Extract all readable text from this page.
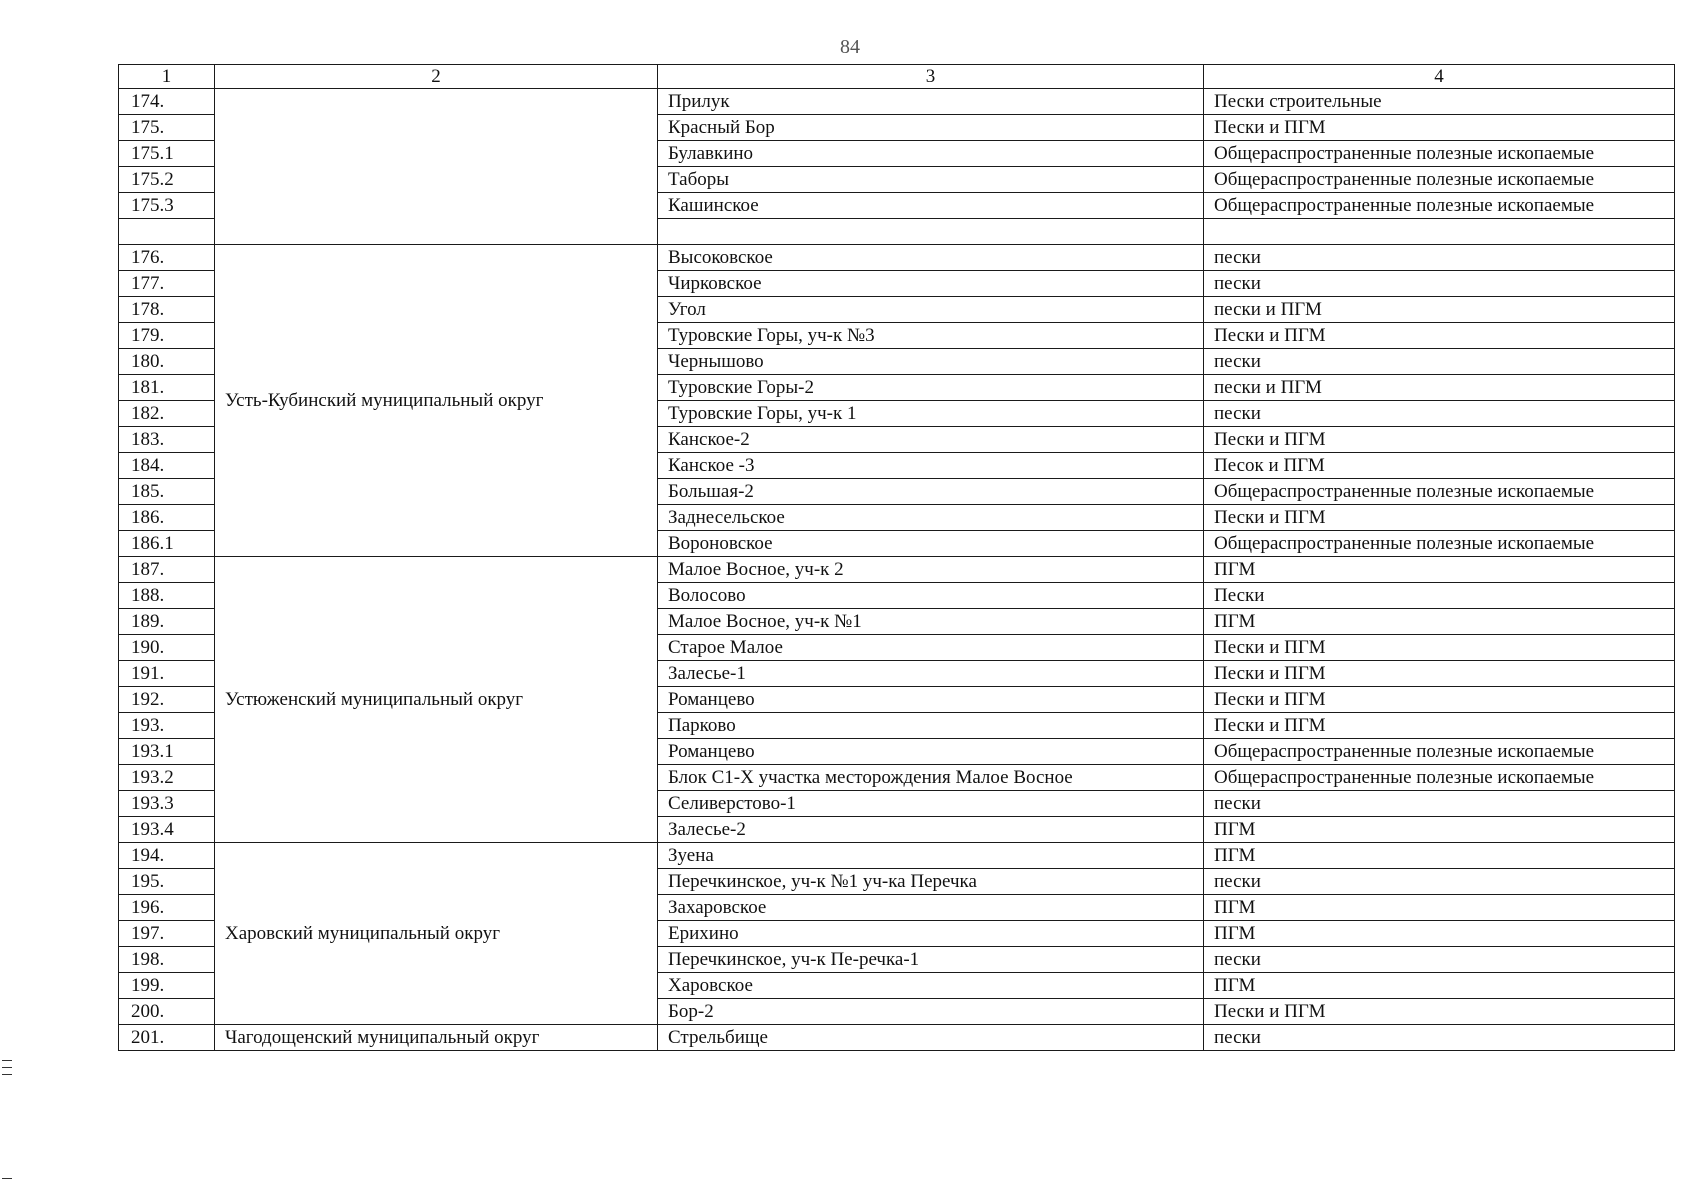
84
1	2	3	4
174.		Прилук	Пески строительные
175.		Красный Бор	Пески и ПГМ
175.1		Булавкино	Общераспространенные полезные ископаемые
175.2		Таборы	Общераспространенные полезные ископаемые
175.3		Кашинское	Общераспространенные полезные ископаемые

176.	Усть-Кубинский муниципальный округ	Высоковское	пески
177.		Чирковское	пески
178.		Угол	пески и ПГМ
179.		Туровские Горы, уч-к №3	Пески и ПГМ
180.		Чернышово	пески
181.		Туровские Горы-2	пески и ПГМ
182.		Туровские Горы, уч-к 1	пески
183.		Канское-2	Пески и ПГМ
184.		Канское -3	Песок и ПГМ
185.		Большая-2	Общераспространенные полезные ископаемые
186.		Заднесельское	Пески и ПГМ
186.1		Вороновское	Общераспространенные полезные ископаемые
187.	Устюженский муниципальный округ	Малое Восное, уч-к 2	ПГМ
188.		Волосово	Пески
189.		Малое Восное, уч-к №1	ПГМ
190.		Старое Малое	Пески и ПГМ
191.		Залесье-1	Пески и ПГМ
192.		Романцево	Пески и ПГМ
193.		Парково	Пески и ПГМ
193.1		Романцево	Общераспространенные полезные ископаемые
193.2		Блок С1-Х участка месторождения Малое Восное	Общераспространенные полезные ископаемые
193.3		Селиверстово-1	пески
193.4		Залесье-2	ПГМ
194.	Харовский муниципальный округ	Зуена	ПГМ
195.		Перечкинское, уч-к №1 уч-ка Перечка	пески
196.		Захаровское	ПГМ
197.		Ерихино	ПГМ
198.		Перечкинское, уч-к Пе-речка-1	пески
199.		Харовское	ПГМ
200.		Бор-2	Пески и ПГМ
201.	Чагодощенский муниципальный округ	Стрельбище	пески
